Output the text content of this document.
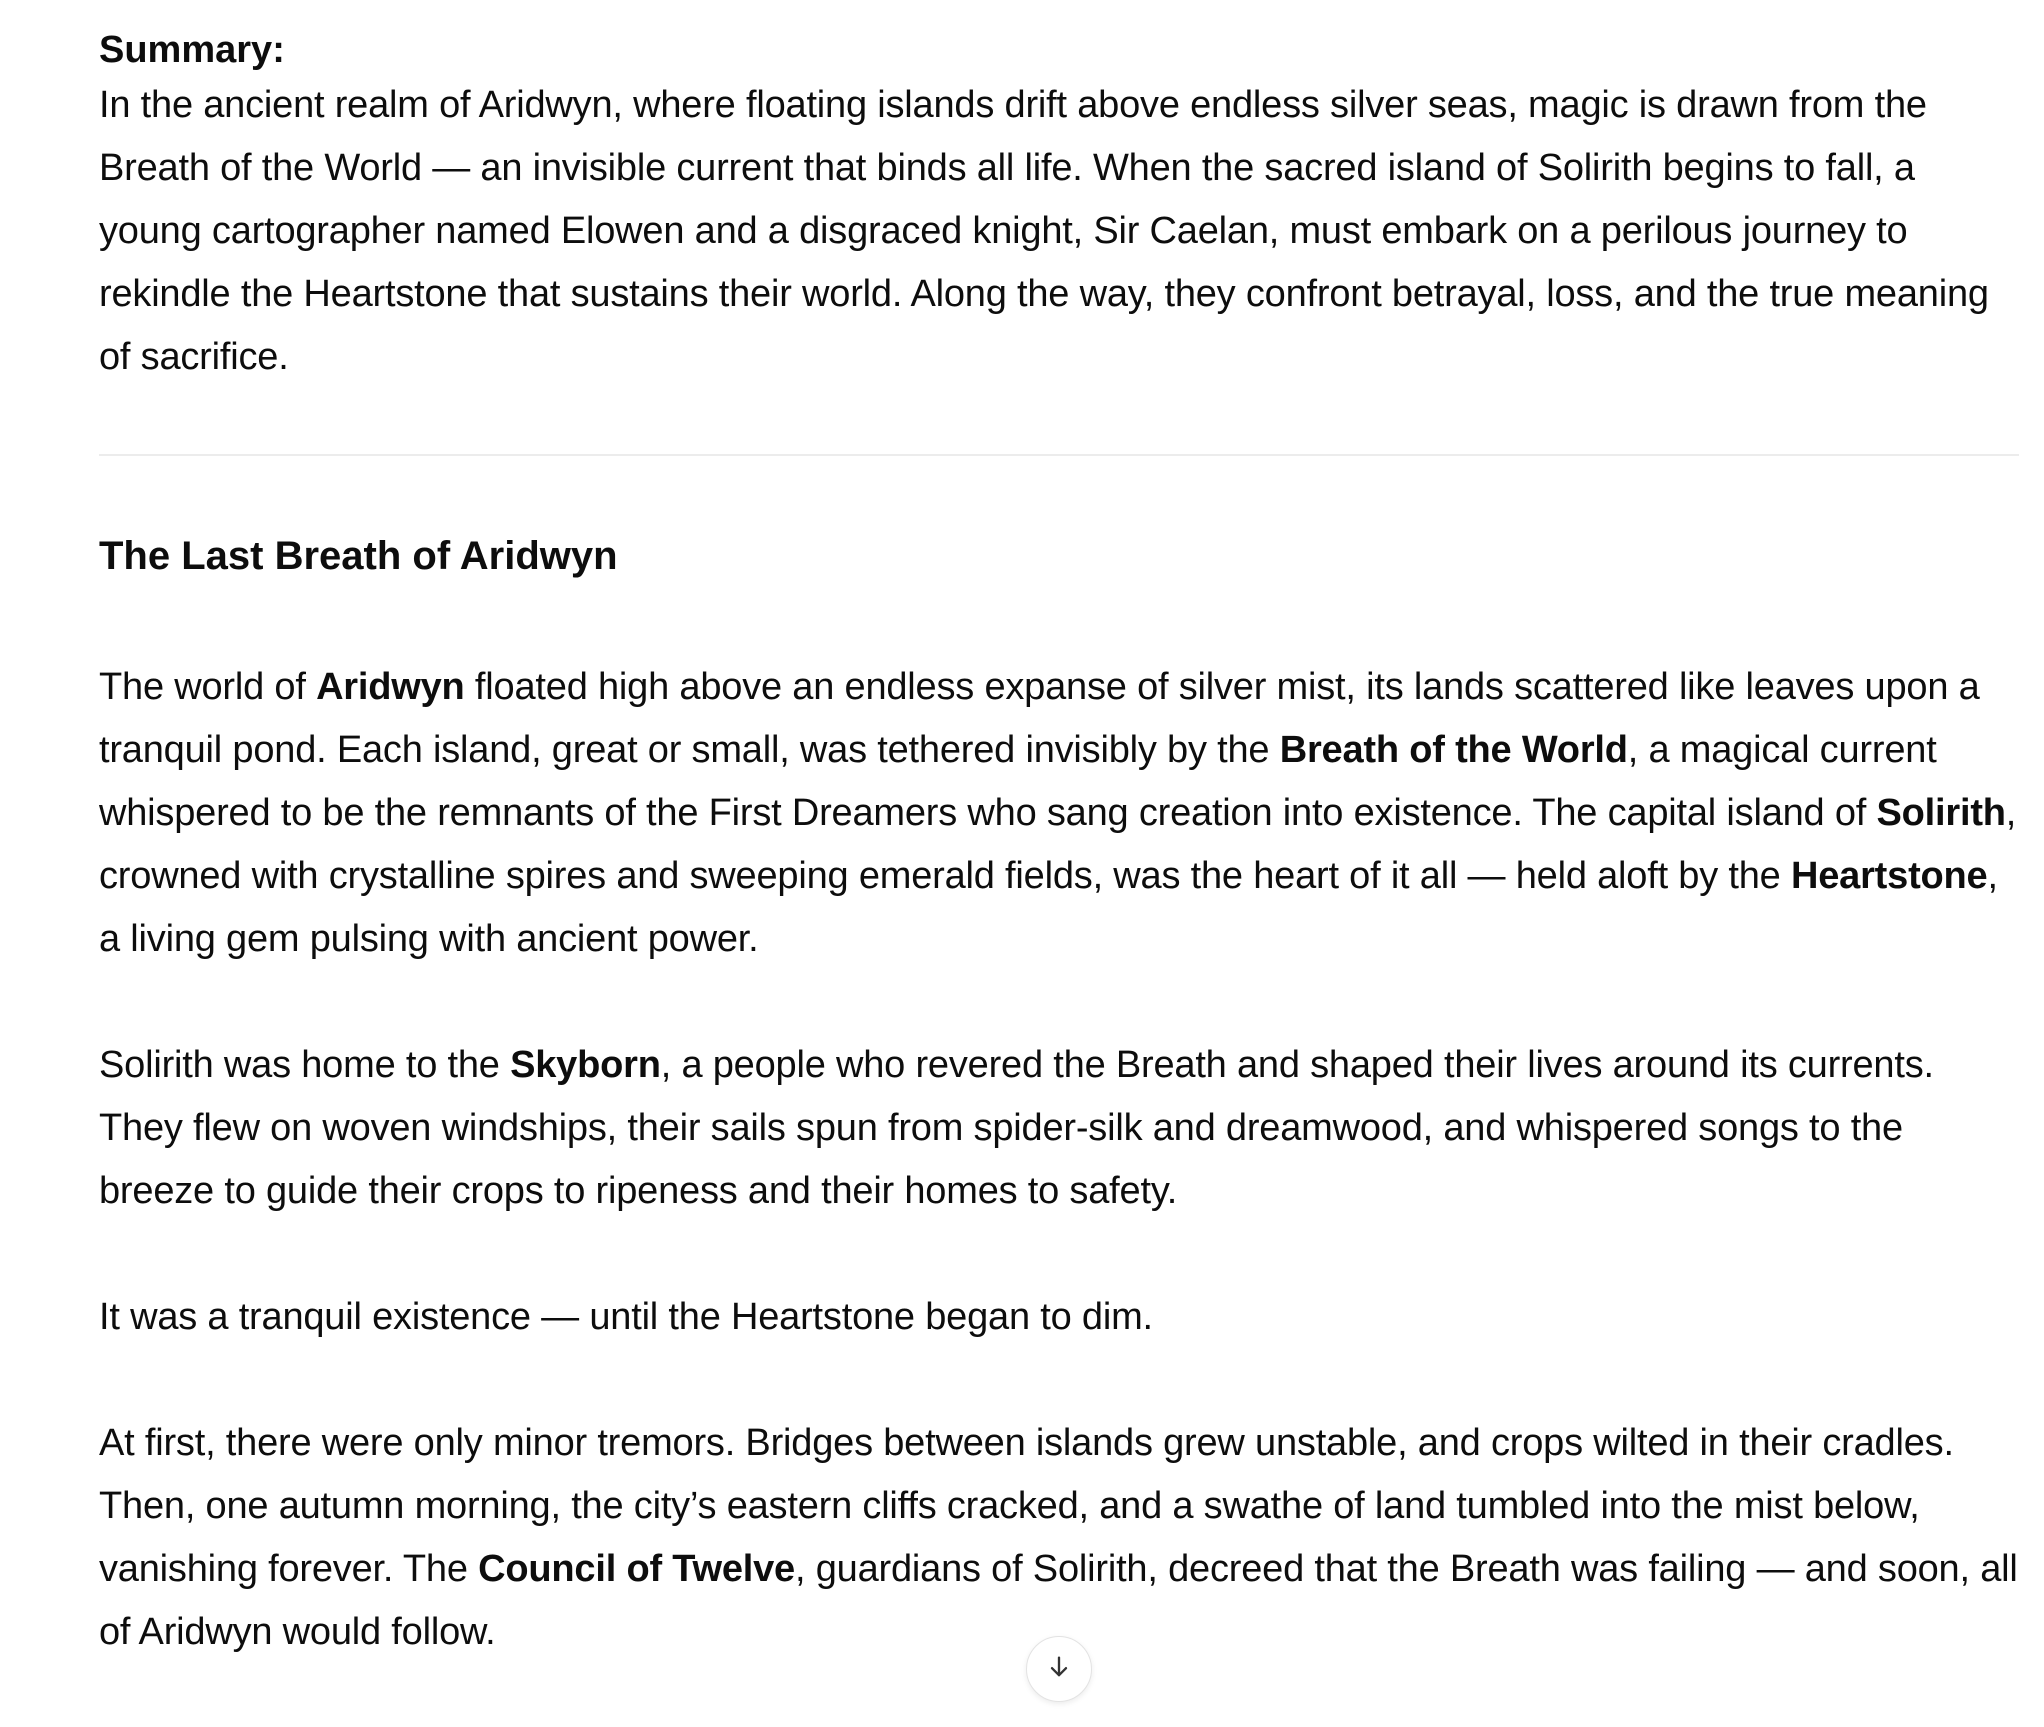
Summary:

In the ancient realm of Aridwyn, where floating islands drift above endless silver seas, magic is drawn from the Breath of the World — an invisible current that binds all life. When the sacred island of Solirith begins to fall, a young cartographer named Elowen and a disgraced knight, Sir Caelan, must embark on a perilous journey to rekindle the Heartstone that sustains their world. Along the way, they confront betrayal, loss, and the true meaning of sacrifice.

The Last Breath of Aridwyn

The world of Aridwyn floated high above an endless expanse of silver mist, its lands scattered like leaves upon a tranquil pond. Each island, great or small, was tethered invisibly by the Breath of the World, a magical current whispered to be the remnants of the First Dreamers who sang creation into existence. The capital island of Solirith, crowned with crystalline spires and sweeping emerald fields, was the heart of it all — held aloft by the Heartstone, a living gem pulsing with ancient power.

Solirith was home to the Skyborn, a people who revered the Breath and shaped their lives around its currents. They flew on woven windships, their sails spun from spider-silk and dreamwood, and whispered songs to the breeze to guide their crops to ripeness and their homes to safety.

It was a tranquil existence — until the Heartstone began to dim.

At first, there were only minor tremors. Bridges between islands grew unstable, and crops wilted in their cradles. Then, one autumn morning, the city’s eastern cliffs cracked, and a swathe of land tumbled into the mist below, vanishing forever. The Council of Twelve, guardians of Solirith, decreed that the Breath was failing — and soon, all of Aridwyn would follow.
